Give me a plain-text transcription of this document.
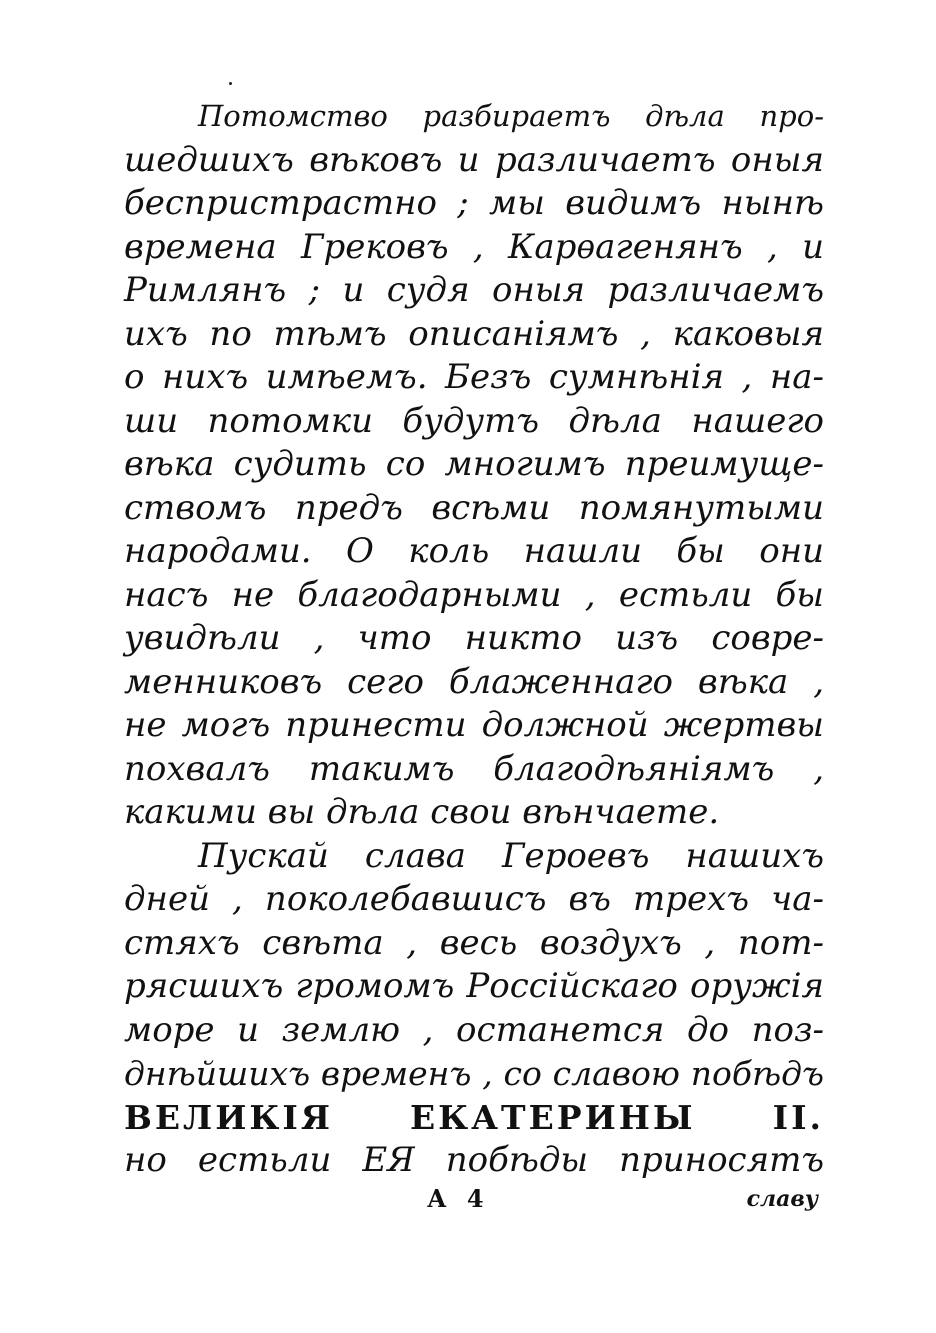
Потомство разбираетъ дѣла про-
шедшихъ вѣковъ и различаетъ оныя
беспристрастно ; мы видимъ нынѣ
времена Грековъ , Карѳагенянъ , и
Римлянъ ; и судя оныя различаемъ
ихъ по тѣмъ описанiямъ , каковыя
о нихъ имѣемъ. Безъ сумнѣнiя , на-
ши потомки будутъ дѣла нашего
вѣка судить со многимъ преимуще-
ствомъ предъ всѣми помянутыми
народами. О коль нашли бы они
насъ не благодарными , естьли бы
увидѣли , что никто изъ совре-
менниковъ сего блаженнаго вѣка ,
не могъ принести должной жертвы
похвалъ такимъ благодѣянiямъ ,
какими вы дѣла свои вѣнчаете.
Пускай слава Героевъ нашихъ
дней , поколебавшисъ въ трехъ ча-
стяхъ свѣта , весь воздухъ , пот-
рясшихъ громомъ Россiйскаго оружiя
море и землю , останется до поз-
днѣйшихъ временъ , со славою побѣдъ
ВЕЛИКIЯ ЕКАТЕРИНЫ II.
но естьли ЕЯ побѣды приносятъ
А 4	славу
